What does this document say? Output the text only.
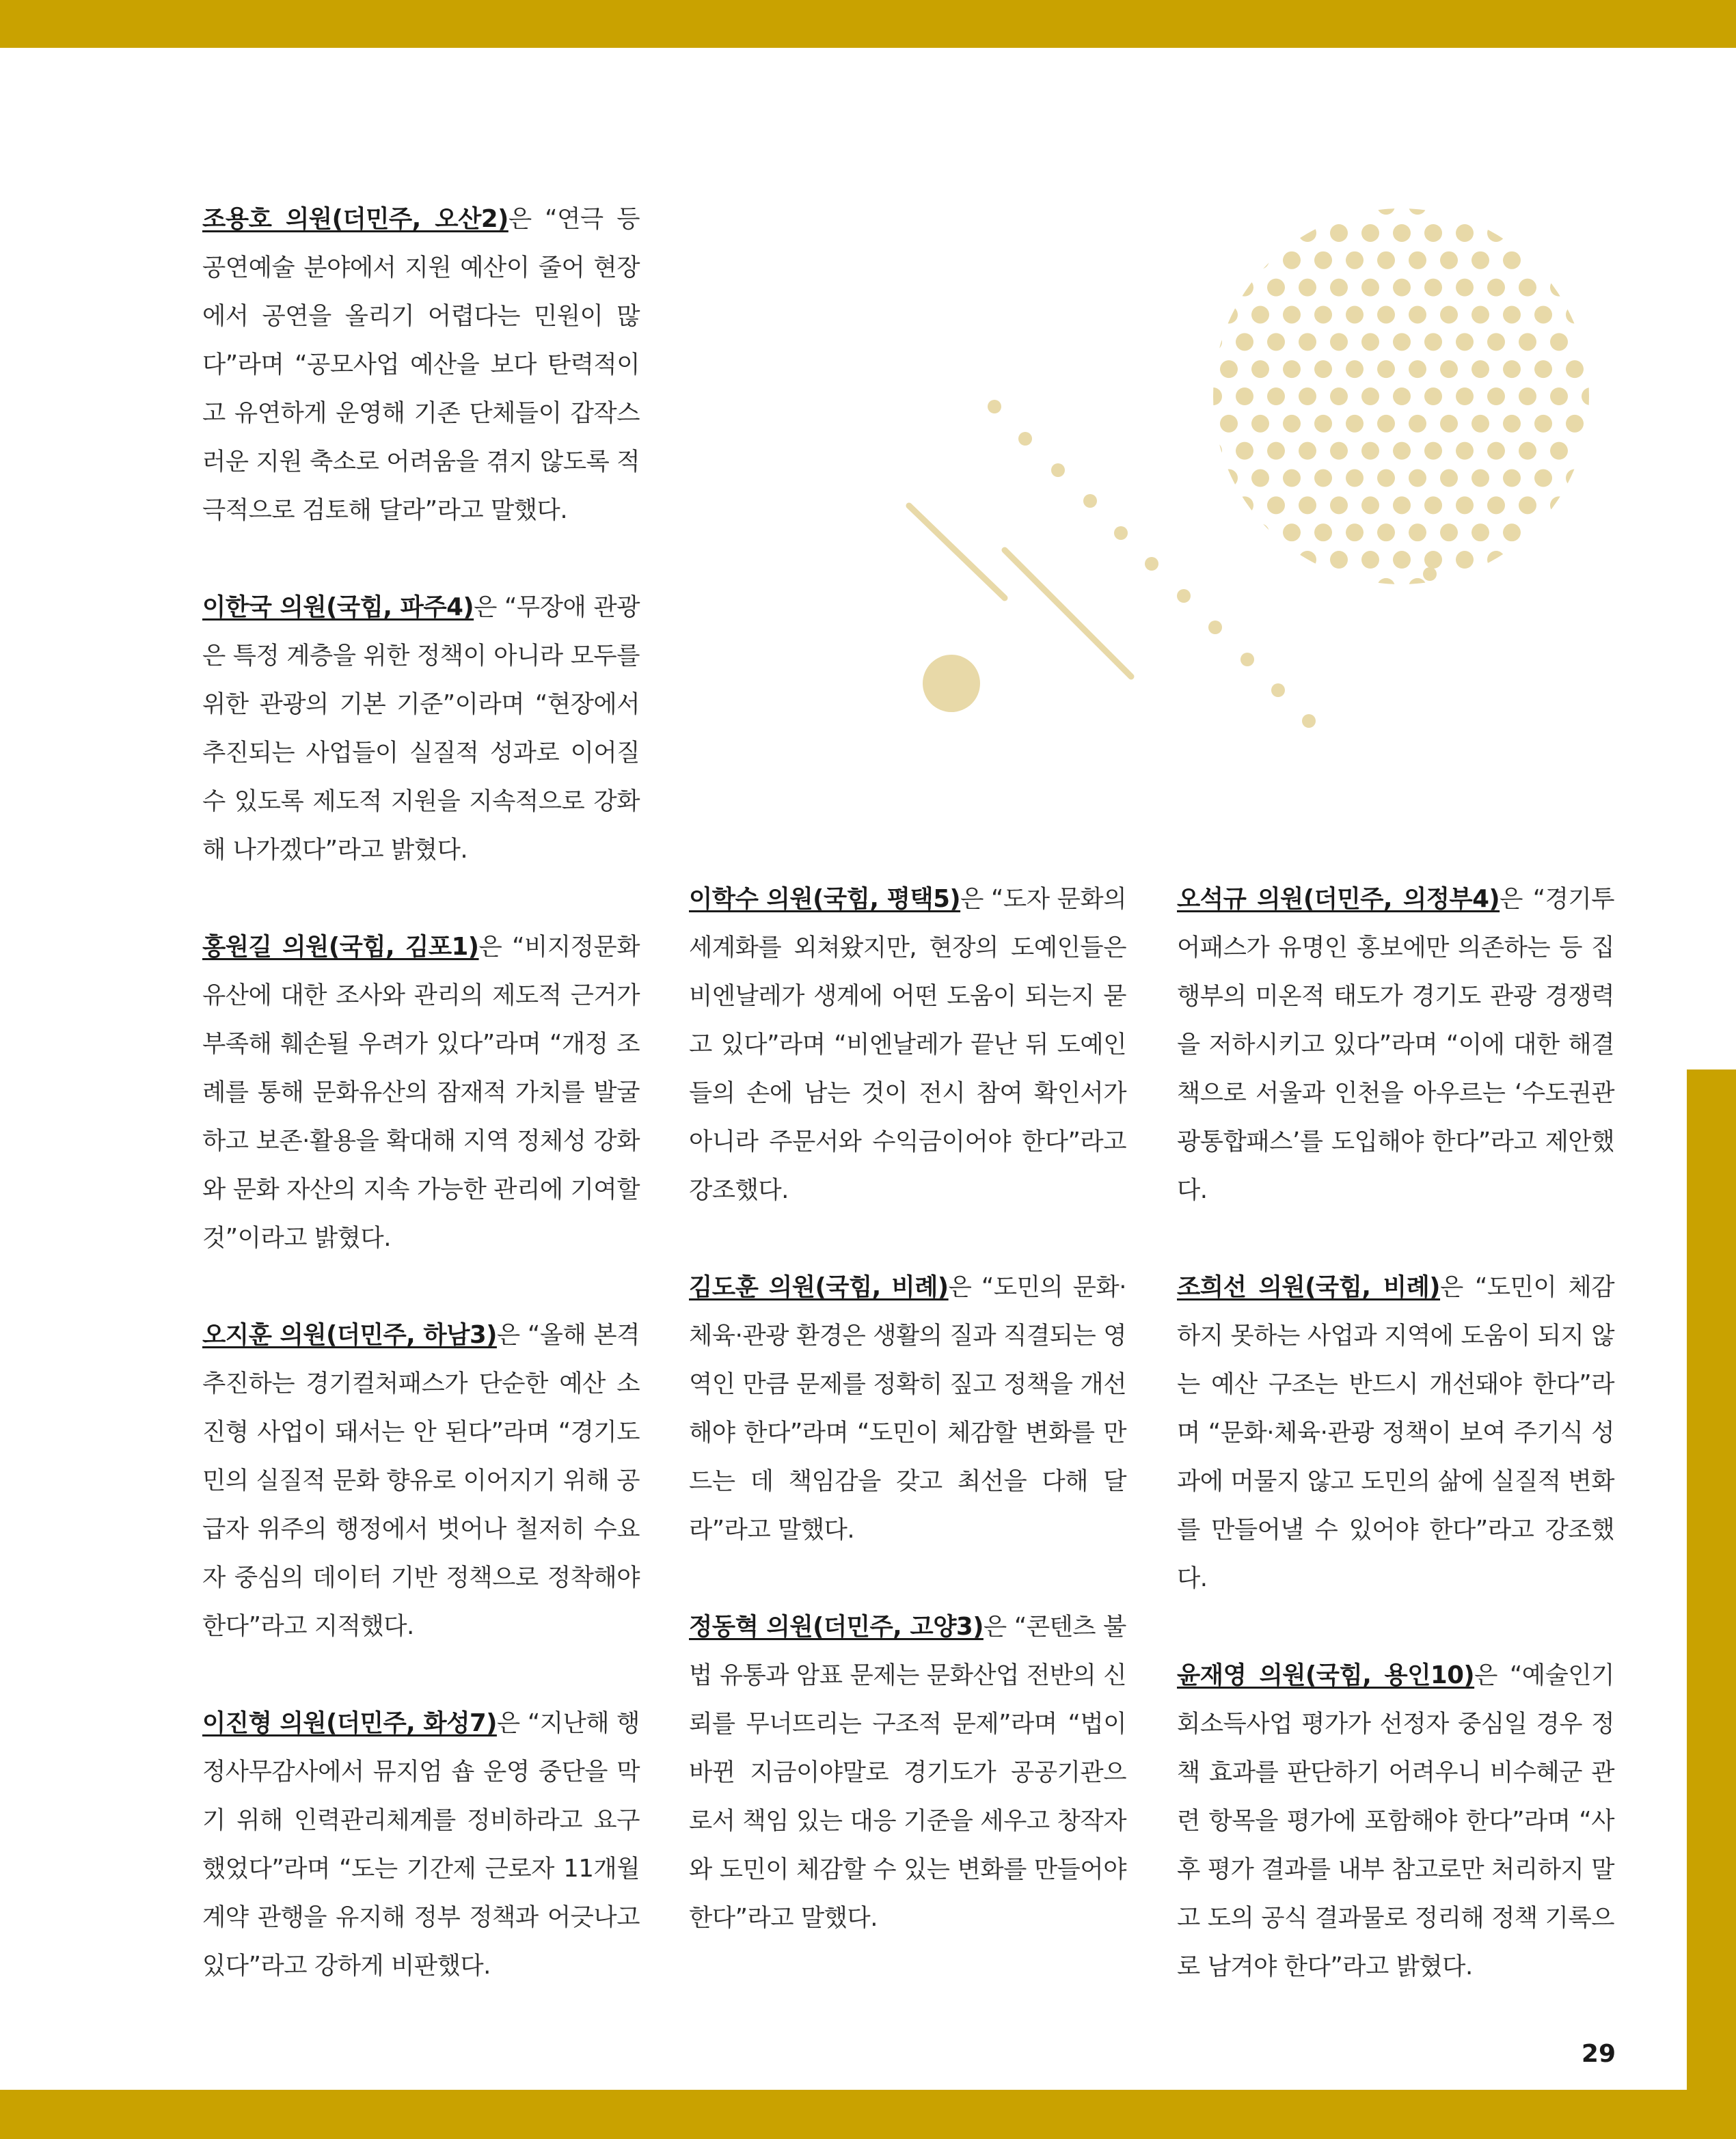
조용호 의원(더민주, 오산2)은 “연극 등 공연예술 분야에서 지원 예산이 줄어 현장에서 공연을 올리기 어렵다는 민원이 많다”라며 “공모사업 예산을 보다 탄력적이고 유연하게 운영해 기존 단체들이 갑작스러운 지원 축소로 어려움을 겪지 않도록 적극적으로 검토해 달라”라고 말했다.

이한국 의원(국힘, 파주4)은 “무장애 관광은 특정 계층을 위한 정책이 아니라 모두를 위한 관광의 기본 기준”이라며 “현장에서 추진되는 사업들이 실질적 성과로 이어질 수 있도록 제도적 지원을 지속적으로 강화해 나가겠다”라고 밝혔다.

홍원길 의원(국힘, 김포1)은 “비지정문화유산에 대한 조사와 관리의 제도적 근거가 부족해 훼손될 우려가 있다”라며 “개정 조례를 통해 문화유산의 잠재적 가치를 발굴하고 보존·활용을 확대해 지역 정체성 강화와 문화 자산의 지속 가능한 관리에 기여할 것”이라고 밝혔다.

오지훈 의원(더민주, 하남3)은 “올해 본격 추진하는 경기컬처패스가 단순한 예산 소진형 사업이 돼서는 안 된다”라며 “경기도민의 실질적 문화 향유로 이어지기 위해 공급자 위주의 행정에서 벗어나 철저히 수요자 중심의 데이터 기반 정책으로 정착해야 한다”라고 지적했다.

이진형 의원(더민주, 화성7)은 “지난해 행정사무감사에서 뮤지엄 숍 운영 중단을 막기 위해 인력관리체계를 정비하라고 요구했었다”라며 “도는 기간제 근로자 11개월 계약 관행을 유지해 정부 정책과 어긋나고 있다”라고 강하게 비판했다.

이학수 의원(국힘, 평택5)은 “도자 문화의 세계화를 외쳐왔지만, 현장의 도예인들은 비엔날레가 생계에 어떤 도움이 되는지 묻고 있다”라며 “비엔날레가 끝난 뒤 도예인들의 손에 남는 것이 전시 참여 확인서가 아니라 주문서와 수익금이어야 한다”라고 강조했다.

김도훈 의원(국힘, 비례)은 “도민의 문화·체육·관광 환경은 생활의 질과 직결되는 영역인 만큼 문제를 정확히 짚고 정책을 개선해야 한다”라며 “도민이 체감할 변화를 만드는 데 책임감을 갖고 최선을 다해 달라”라고 말했다.

정동혁 의원(더민주, 고양3)은 “콘텐츠 불법 유통과 암표 문제는 문화산업 전반의 신뢰를 무너뜨리는 구조적 문제”라며 “법이 바뀐 지금이야말로 경기도가 공공기관으로서 책임 있는 대응 기준을 세우고 창작자와 도민이 체감할 수 있는 변화를 만들어야 한다”라고 말했다.

오석규 의원(더민주, 의정부4)은 “경기투어패스가 유명인 홍보에만 의존하는 등 집행부의 미온적 태도가 경기도 관광 경쟁력을 저하시키고 있다”라며 “이에 대한 해결책으로 서울과 인천을 아우르는 ‘수도권관광통합패스’를 도입해야 한다”라고 제안했다.

조희선 의원(국힘, 비례)은 “도민이 체감하지 못하는 사업과 지역에 도움이 되지 않는 예산 구조는 반드시 개선돼야 한다”라며 “문화·체육·관광 정책이 보여 주기식 성과에 머물지 않고 도민의 삶에 실질적 변화를 만들어낼 수 있어야 한다”라고 강조했다.

윤재영 의원(국힘, 용인10)은 “예술인기회소득사업 평가가 선정자 중심일 경우 정책 효과를 판단하기 어려우니 비수혜군 관련 항목을 평가에 포함해야 한다”라며 “사후 평가 결과를 내부 참고로만 처리하지 말고 도의 공식 결과물로 정리해 정책 기록으로 남겨야 한다”라고 밝혔다.

29
